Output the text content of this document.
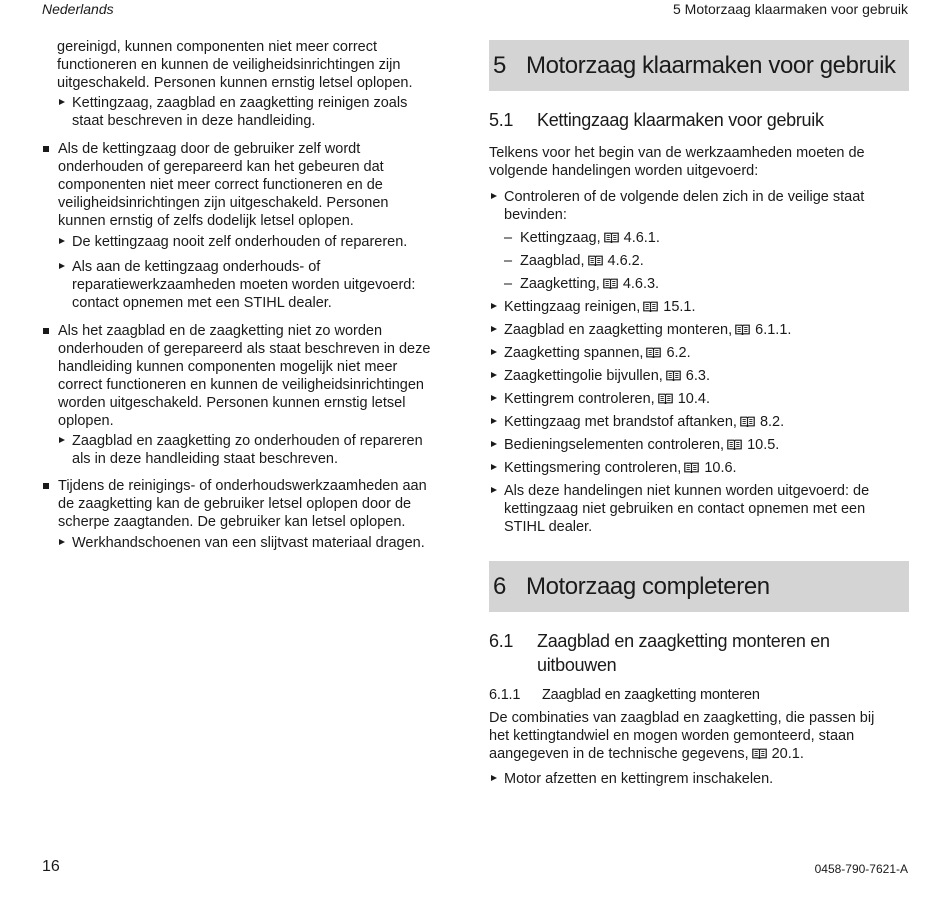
Nederlands	5 Motorzaag klaarmaken voor gebruik

gereinigd, kunnen componenten niet meer correct

functioneren en kunnen de veiligheidsinrichtingen zijn

uitgeschakeld. Personen kunnen ernstig letsel oplopen.

Kettingzaag, zaagblad en zaagketting reinigen zoals

staat beschreven in deze handleiding.

Als de kettingzaag door de gebruiker zelf wordt

onderhouden of gerepareerd kan het gebeuren dat

componenten niet meer correct functioneren en de

veiligheidsinrichtingen zijn uitgeschakeld. Personen

kunnen ernstig of zelfs dodelijk letsel oplopen.

De kettingzaag nooit zelf onderhouden of repareren.

Als aan de kettingzaag onderhouds- of

reparatiewerkzaamheden moeten worden uitgevoerd:

contact opnemen met een STIHL dealer.

Als het zaagblad en de zaagketting niet zo worden

onderhouden of gerepareerd als staat beschreven in deze

handleiding kunnen componenten mogelijk niet meer

correct functioneren en kunnen de veiligheidsinrichtingen

worden uitgeschakeld. Personen kunnen ernstig letsel

oplopen.

Zaagblad en zaagketting zo onderhouden of repareren

als in deze handleiding staat beschreven.

Tijdens de reinigings- of onderhoudswerkzaamheden aan

de zaagketting kan de gebruiker letsel oplopen door de

scherpe zaagtanden. De gebruiker kan letsel oplopen.

Werkhandschoenen van een slijtvast materiaal dragen.

5 Motorzaag klaarmaken voor gebruik
5.1 Kettingzaag klaarmaken voor gebruik

Telkens voor het begin van de werkzaamheden moeten de

volgende handelingen worden uitgevoerd:

Controleren of de volgende delen zich in de veilige staat

bevinden:

– Kettingzaag, 4.6.1.
– Zaagblad, 4.6.2.
– Zaagketting, 4.6.3.
Kettingzaag reinigen, 15.1.
Zaagblad en zaagketting monteren, 6.1.1.
Zaagketting spannen, 6.2.
Zaagkettingolie bijvullen, 6.3.
Kettingrem controleren, 10.4.
Kettingzaag met brandstof aftanken, 8.2.
Bedieningselementen controleren, 10.5.
Kettingsmering controleren, 10.6.

Als deze handelingen niet kunnen worden uitgevoerd: de

kettingzaag niet gebruiken en contact opnemen met een

STIHL dealer.

6 Motorzaag completeren
6.1 Zaagblad en zaagketting monteren en

uitbouwen

6.1.1 Zaagblad en zaagketting monteren

De combinaties van zaagblad en zaagketting, die passen bij

het kettingtandwiel en mogen worden gemonteerd, staan

aangegeven in de technische gegevens, 20.1.

Motor afzetten en kettingrem inschakelen.

16	0458-790-7621-A
